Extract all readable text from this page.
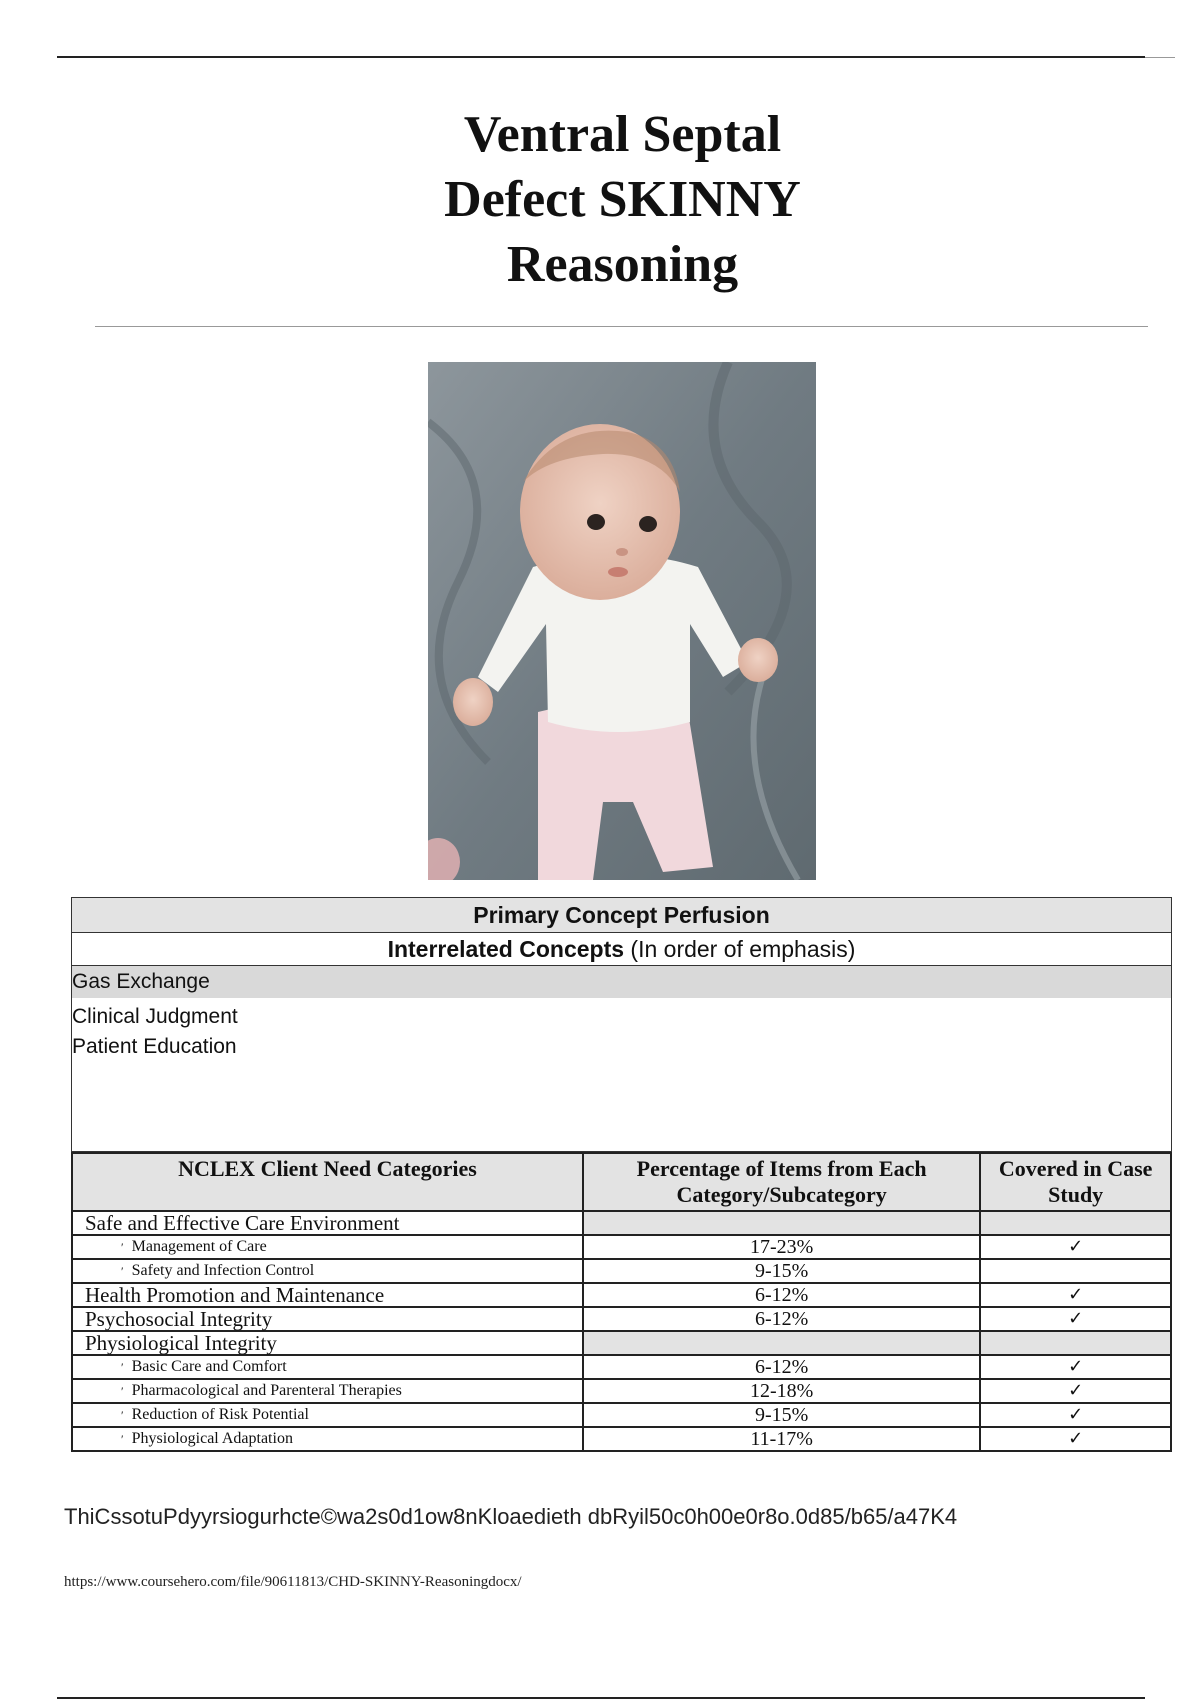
Ventral Septal
Defect SKINNY
Reasoning
Primary Concept Perfusion
Interrelated Concepts (In order of emphasis)
Gas Exchange
Clinical Judgment
Patient Education
NCLEX Client Need Categories	Percentage of Items from Each Category/Subcategory	Covered in Case Study
Safe and Effective Care Environment		
′ Management of Care	17-23%	✓
′ Safety and Infection Control	9-15%	
Health Promotion and Maintenance	6-12%	✓
Psychosocial Integrity	6-12%	✓
Physiological Integrity		
′ Basic Care and Comfort	6-12%	✓
′ Pharmacological and Parenteral Therapies	12-18%	✓
′ Reduction of Risk Potential	9-15%	✓
′ Physiological Adaptation	11-17%	✓
ThiCssotuPdyyrsiogurhcte©wa2s0d1ow8nKloaedieth dbRyil50c0h00e0r8o.0d85/b65/a47K4
https://www.coursehero.com/file/90611813/CHD-SKINNY-Reasoningdocx/
